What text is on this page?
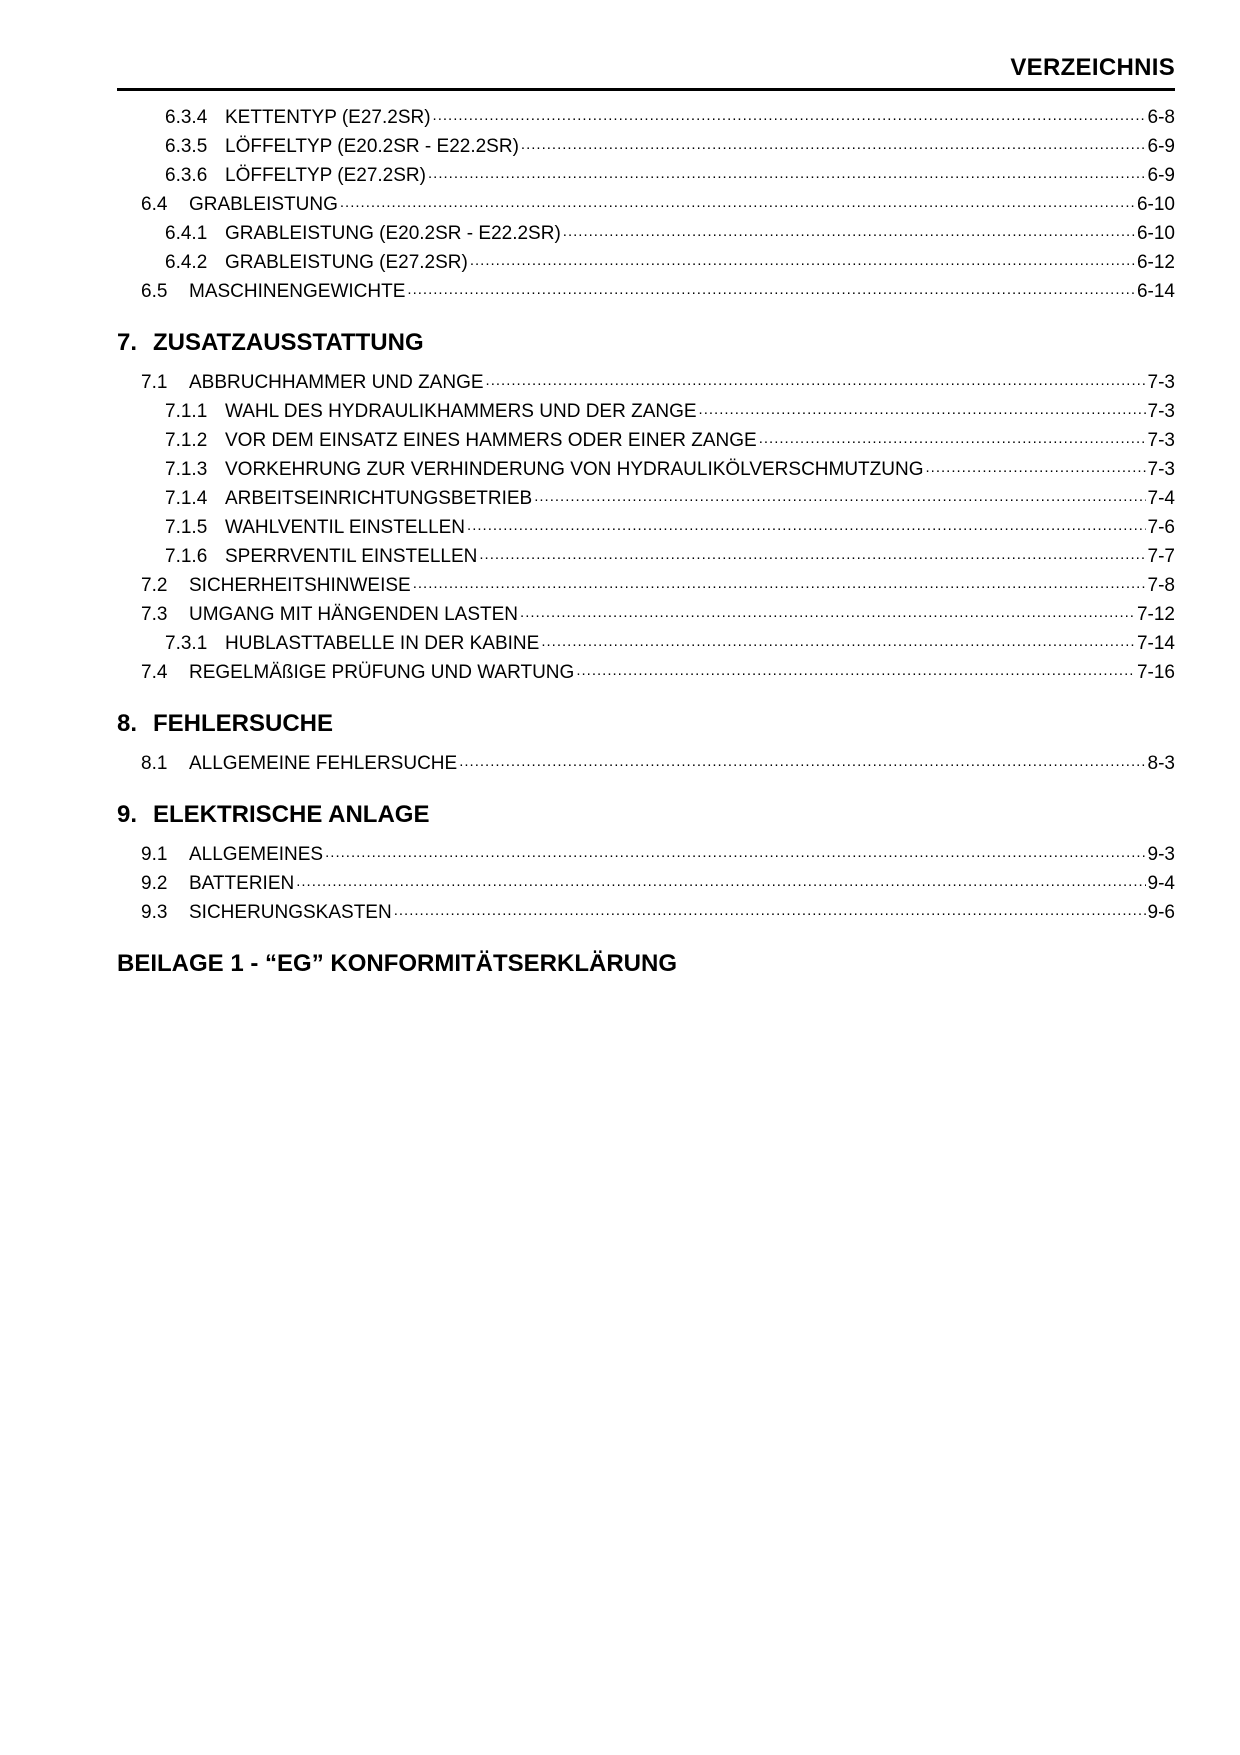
VERZEICHNIS
6.3.4 KETTENTYP (E27.2SR) .....	6-8
6.3.5 LÖFFELTYP (E20.2SR - E22.2SR) .....	6-9
6.3.6 LÖFFELTYP (E27.2SR) .....	6-9
6.4	GRABLEISTUNG .....	6-10
6.4.1 GRABLEISTUNG (E20.2SR - E22.2SR) .....	6-10
6.4.2 GRABLEISTUNG (E27.2SR) .....	6-12
6.5	MASCHINENGEWICHTE .....	6-14
7. ZUSATZAUSSTATTUNG
7.1	ABBRUCHHAMMER UND ZANGE .....	7-3
7.1.1 WAHL DES HYDRAULIKHAMMERS UND DER ZANGE .....	7-3
7.1.2 VOR DEM EINSATZ EINES HAMMERS ODER EINER ZANGE .....	7-3
7.1.3 VORKEHRUNG ZUR VERHINDERUNG VON HYDRAULIKÖLVERSCHMUTZUNG .....	7-3
7.1.4 ARBEITSEINRICHTUNGSBETRIEB .....	7-4
7.1.5 WAHLVENTIL EINSTELLEN .....	7-6
7.1.6 SPERRVENTIL EINSTELLEN .....	7-7
7.2	SICHERHEITSHINWEISE .....	7-8
7.3	UMGANG MIT HÄNGENDEN LASTEN .....	7-12
7.3.1 HUBLASTTABELLE IN DER KABINE .....	7-14
7.4	REGELMÄßIGE PRÜFUNG UND WARTUNG .....	7-16
8. FEHLERSUCHE
8.1	ALLGEMEINE FEHLERSUCHE .....	8-3
9. ELEKTRISCHE ANLAGE
9.1	ALLGEMEINES .....	9-3
9.2	BATTERIEN .....	9-4
9.3	SICHERUNGSKASTEN .....	9-6
BEILAGE 1 - “EG” KONFORMITÄTSERKLÄRUNG
